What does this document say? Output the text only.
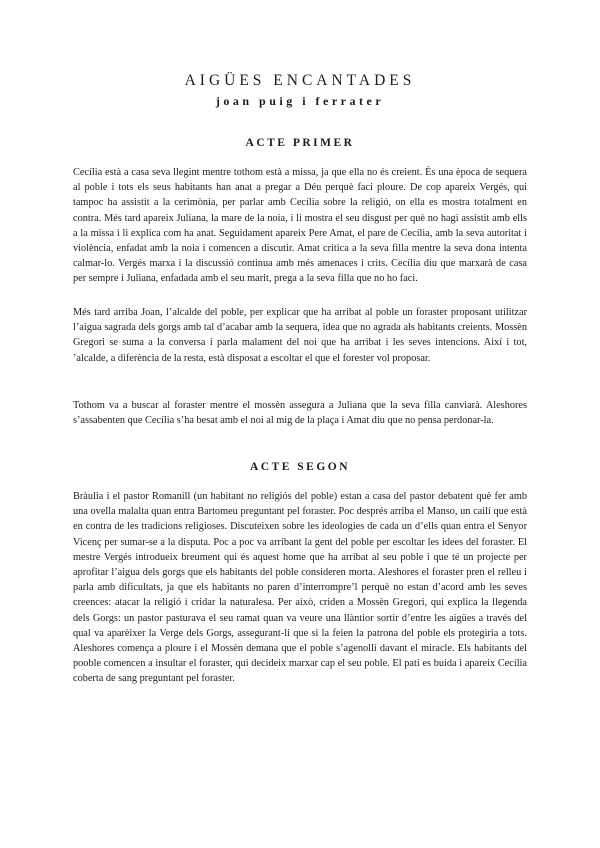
AIGÜES ENCANTADES
joan puig i ferrater
ACTE PRIMER

Cecília està a casa seva llegint mentre tothom està a missa, ja que ella no és creient. És una època de sequera al poble i tots els seus habitants han anat a pregar a Déu perquè faci ploure. De cop apareix Vergés, qui tampoc ha assistit a la cerimònia, per parlar amb Cecília sobre la religió, on ella es mostra totalment en contra. Més tard apareix Juliana, la mare de la noia, i li mostra el seu disgust per què no hagi assistit amb ells a la missa i li explica com ha anat. Seguidament apareix Pere Amat, el pare de Cecília, amb la seva autoritat i violència, enfadat amb la noia i comencen a discutir. Amat critica a la seva filla mentre la seva dona intenta calmar-lo. Vergés marxa i la discussió continua amb més amenaces i crits. Cecília diu que marxarà de casa per sempre i Juliana, enfadada amb el seu marit, prega a la seva filla que no ho faci.

Més tard arriba Joan, l’alcalde del poble, per explicar que ha arribat al poble un foraster proposant utilitzar l’aigua sagrada dels gorgs amb tal d’acabar amb la sequera, idea que no agrada als habitants creients. Mossèn Gregori se suma a la conversa i parla malament del noi que ha arribat i les seves intencions. Així i tot, ’alcalde, a diferència de la resta, està disposat a escoltar el que el forester vol proposar.

Tothom va a buscar al foraster mentre el mossèn assegura a Juliana que la seva filla canviarà. Aleshores s’assabenten que Cecília s’ha besat amb el noi al mig de la plaça i Amat diu que no pensa perdonar-la.

ACTE SEGON

Bràulia i el pastor Romanill (un habitant no religiós del poble) estan a casa del pastor debatent què fer amb una ovella malalta quan entra Bartomeu preguntant pel foraster. Poc després arriba el Manso, un cailí que està en contra de les tradicions religioses. Discuteixen sobre les ideologies de cada un d’ells quan entra el Senyor Vicenç per sumar-se a la disputa. Poc a poc va arribant la gent del poble per escoltar les idees del foraster. El mestre Vergés introdueix breument qui és aquest home que ha arribat al seu poble i que té un projecte per aprofitar l’aigua dels gorgs que els habitants del poble consideren morta. Aleshores el foraster pren el relleu i parla amb dificultats, ja que els habitants no paren d’interrompre’l perquè no estan d’acord amb les seves creences: atacar la religió i cridar la naturalesa. Per això, criden a Mossèn Gregori, qui explica la llegenda dels Gorgs: un pastor pasturava el seu ramat quan va veure una llàntior sortir d’entre les aigües a través del qual va aparèixer la Verge dels Gorgs, assegurant-li que si la feien la patrona del poble els protegiria a tots. Aleshores comença a ploure i el Mossèn demana que el poble s’agenolli davant el miracle. Els habitants del pooble comencen a insultar el foraster, qui decideix marxar cap el seu poble. El pati es buida i apareix Cecília coberta de sang preguntant pel foraster.
